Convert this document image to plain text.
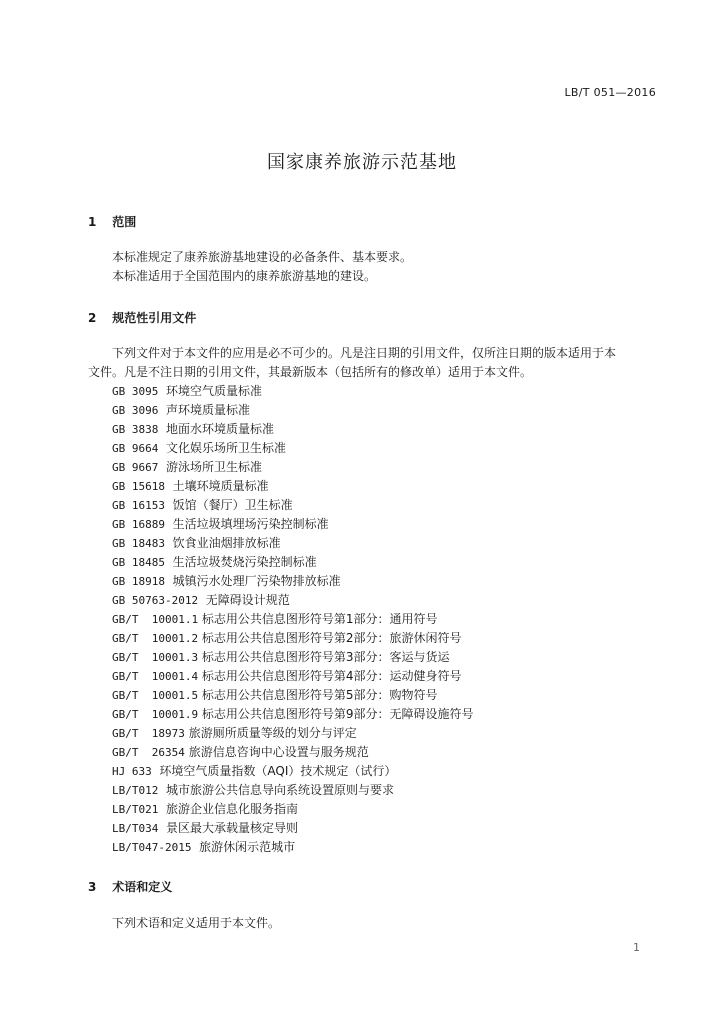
LB/T 051—2016
国家康养旅游示范基地
1 范围
本标准规定了康养旅游基地建设的必备条件、基本要求。
本标准适用于全国范围内的康养旅游基地的建设。
2 规范性引用文件
下列文件对于本文件的应用是必不可少的。凡是注日期的引用文件，仅所注日期的版本适用于本
文件。凡是不注日期的引用文件，其最新版本（包括所有的修改单）适用于本文件。
GB 3095 环境空气质量标准
GB 3096 声环境质量标准
GB 3838 地面水环境质量标准
GB 9664 文化娱乐场所卫生标准
GB 9667 游泳场所卫生标准
GB 15618 土壤环境质量标准
GB 16153 饭馆（餐厅）卫生标准
GB 16889 生活垃圾填埋场污染控制标准
GB 18483 饮食业油烟排放标准
GB 18485 生活垃圾焚烧污染控制标准
GB 18918 城镇污水处理厂污染物排放标准
GB 50763-2012 无障碍设计规范
GB/T  10001.1 标志用公共信息图形符号第1部分：通用符号
GB/T  10001.2 标志用公共信息图形符号第2部分：旅游休闲符号
GB/T  10001.3 标志用公共信息图形符号第3部分：客运与货运
GB/T  10001.4 标志用公共信息图形符号第4部分：运动健身符号
GB/T  10001.5 标志用公共信息图形符号第5部分：购物符号
GB/T  10001.9 标志用公共信息图形符号第9部分：无障碍设施符号
GB/T  18973 旅游厕所质量等级的划分与评定
GB/T  26354 旅游信息咨询中心设置与服务规范
HJ 633 环境空气质量指数（AQI）技术规定（试行）
LB/T012 城市旅游公共信息导向系统设置原则与要求
LB/T021 旅游企业信息化服务指南
LB/T034 景区最大承载量核定导则
LB/T047-2015 旅游休闲示范城市
3 术语和定义
下列术语和定义适用于本文件。
1
